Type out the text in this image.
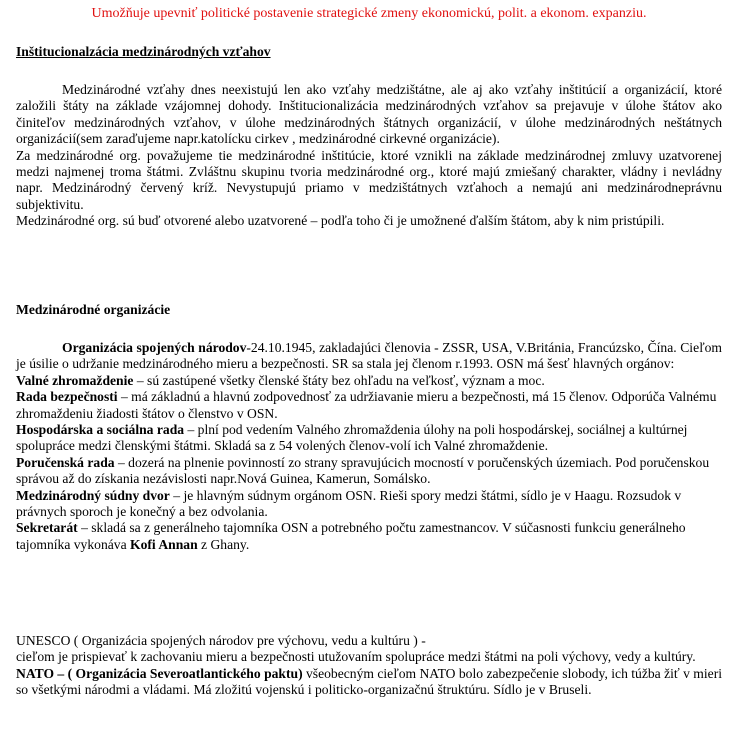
Umožňuje upevniť politické postavenie strategické zmeny ekonomickú, polit. a ekonom. expanziu.

Inštitucionalzácia medzinárodných vzťahov

Medzinárodné vzťahy dnes neexistujú len ako vzťahy medzištátne, ale aj ako vzťahy inštitúcií a organizácií, ktoré založili štáty na základe vzájomnej dohody. Inštitucionalizácia medzinárodných vzťahov sa prejavuje v úlohe štátov ako činiteľov medzinárodných vzťahov, v úlohe medzinárodných štátnych organizácií, v úlohe medzinárodných neštátnych organizácií(sem zaraďujeme napr.katolícku cirkev , medzinárodné cirkevné organizácie).

Za medzinárodné org. považujeme tie medzinárodné inštitúcie, ktoré vznikli na základe medzinárodnej zmluvy uzatvorenej medzi najmenej troma štátmi. Zvláštnu skupinu tvoria medzinárodné org., ktoré majú zmiešaný charakter, vládny i nevládny napr. Medzinárodný červený kríž. Nevystupujú priamo v medzištátnych vzťahoch a nemajú ani medzinárodneprávnu subjektivitu.

Medzinárodné org. sú buď otvorené alebo uzatvorené – podľa toho či je umožnené ďalším štátom, aby k nim pristúpili.

Medzinárodné organizácie

Organizácia spojených národov-24.10.1945, zakladajúci členovia - ZSSR, USA, V.Británia, Francúzsko, Čína. Cieľom je úsilie o udržanie medzinárodného mieru a bezpečnosti. SR sa stala jej členom r.1993. OSN má šesť hlavných orgánov:

Valné zhromaždenie – sú zastúpené všetky členské štáty bez ohľadu na veľkosť, význam a moc.

Rada bezpečnosti – má základnú a hlavnú zodpovednosť za udržiavanie mieru a bezpečnosti, má 15 členov. Odporúča Valnému zhromaždeniu žiadosti štátov o členstvo v OSN.

Hospodárska a sociálna rada – plní pod vedením Valného zhromaždenia úlohy na poli hospodárskej, sociálnej a kultúrnej spolupráce medzi členskými štátmi. Skladá sa z 54 volených členov-volí ich Valné zhromaždenie.

Poručenská rada – dozerá na plnenie povinností zo strany spravujúcich mocností v poručenských územiach. Pod poručenskou správou až do získania nezávislosti napr.Nová Guinea, Kamerun, Somálsko.

Medzinárodný súdny dvor – je hlavným súdnym orgánom OSN. Rieši spory medzi štátmi, sídlo je v Haagu. Rozsudok v právnych sporoch je konečný a bez odvolania.

Sekretarát – skladá sa z generálneho tajomníka OSN a potrebného počtu zamestnancov. V súčasnosti funkciu generálneho tajomníka vykonáva Kofi Annan z Ghany.

UNESCO ( Organizácia spojených národov pre výchovu, vedu a kultúru ) -

cieľom je prispievať k zachovaniu mieru a bezpečnosti utužovaním spolupráce medzi štátmi na poli výchovy, vedy a kultúry.

NATO – ( Organizácia Severoatlantického paktu) všeobecným cieľom NATO bolo zabezpečenie slobody, ich túžba žiť v mieri so všetkými národmi a vládami. Má zložitú vojenskú i politicko-organizačnú štruktúru. Sídlo je v Bruseli.
